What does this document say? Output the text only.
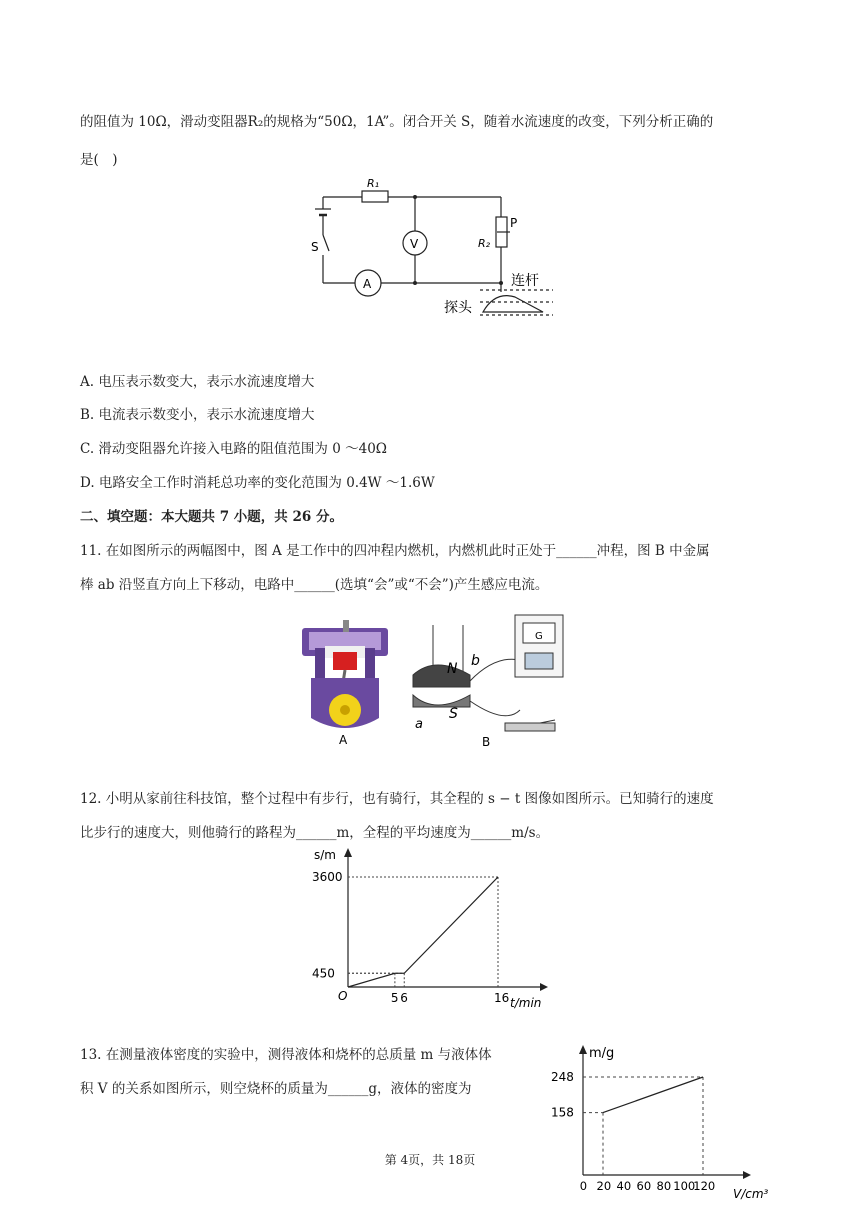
的阻值为 10Ω，滑动变阻器R₂的规格为“50Ω，1A”。闭合开关 S，随着水流速度的改变，下列分析正确的
是(　)
R₁
R₂
P
V
A
S
连杆
探头
A. 电压表示数变大，表示水流速度增大
B. 电流表示数变小，表示水流速度增大
C. 滑动变阻器允许接入电路的阻值范围为 0 ～40Ω
D. 电路安全工作时消耗总功率的变化范围为 0.4W ～1.6W
二、填空题：本大题共 7 小题，共 26 分。
11. 在如图所示的两幅图中，图 A 是工作中的四冲程内燃机，内燃机此时正处于______冲程，图 B 中金属
棒 ab 沿竖直方向上下移动，电路中______(选填“会”或“不会”)产生感应电流。
A
N b
S
a
G
B
12. 小明从家前往科技馆，整个过程中有步行，也有骑行，其全程的 s − t 图像如图所示。已知骑行的速度
比步行的速度大，则他骑行的路程为______m，全程的平均速度为______m/s。
5 6	16
450
3600
s/m
t/min
O
13. 在测量液体密度的实验中，测得液体和烧杯的总质量 m 与液体体
积 V 的关系如图所示，则空烧杯的质量为______g，液体的密度为
0 20 40 60 80 100
120
158
248
m/g
V/cm³
第 4页，共 18页
